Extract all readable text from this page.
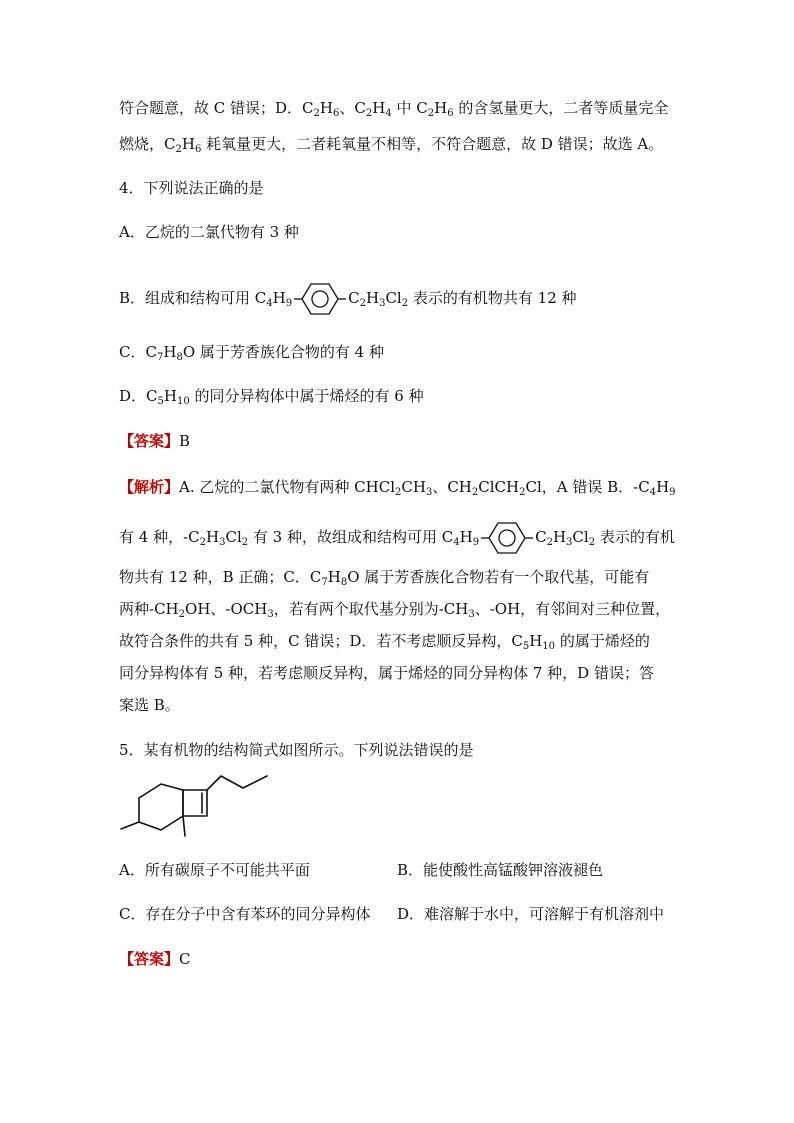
符合题意，故 C 错误；D．$C_2H_6$、$C_2H_4$ 中 $C_2H_6$ 的含氢量更大，二者等质量完全
燃烧，$C_2H_6$ 耗氧量更大，二者耗氧量不相等，不符合题意，故 D 错误；故选 A。
4．下列说法正确的是
A．乙烷的二氯代物有 3 种
B．组成和结构可用 $C_4H_9$	$C_2H_3Cl_2$ 表示的有机物共有 12 种
C．$C_7H_8O$ 属于芳香族化合物的有 4 种
D．$C_5H_{10}$ 的同分异构体中属于烯烃的有 6 种
【答案】B
【解析】A. 乙烷的二氯代物有两种 $CHCl_2CH_3$、$CH_2ClCH_2Cl$，A 错误 B．$-C_4H_9$
有 4 种，$-C_2H_3Cl_2$ 有 3 种，故组成和结构可用 $C_4H_9$	$C_2H_3Cl_2$ 表示的有机
物共有 12 种，B 正确；C．$C_7H_8O$ 属于芳香族化合物若有一个取代基，可能有
两种$-CH_2OH$、$-OCH_3$，若有两个取代基分别为$-CH_3$、-OH，有邻间对三种位置，
故符合条件的共有 5 种，C 错误；D．若不考虑顺反异构，$C_5H_{10}$ 的属于烯烃的
同分异构体有 5 种，若考虑顺反异构，属于烯烃的同分异构体 7 种，D 错误；答
案选 B。
5．某有机物的结构简式如图所示。下列说法错误的是
A．所有碳原子不可能共平面	B．能使酸性高锰酸钾溶液褪色
C．存在分子中含有苯环的同分异构体 D．难溶解于水中，可溶解于有机溶剂中
【答案】C
